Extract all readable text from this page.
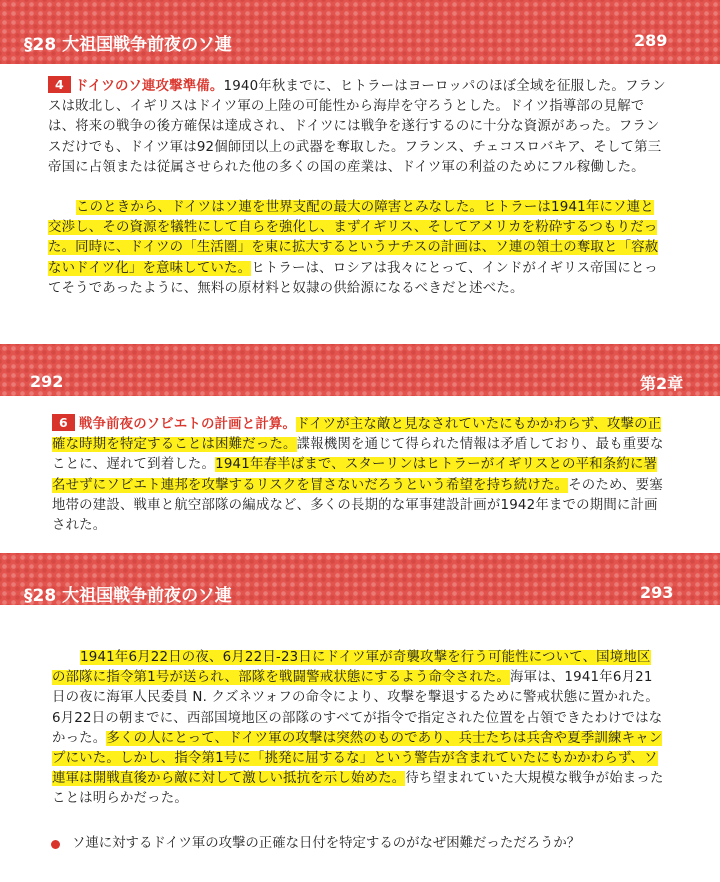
§28 大祖国戦争前夜のソ連	289

4 ドイツのソ連攻撃準備。1940年秋までに、ヒトラーはヨーロッパのほぼ全域を征服した。フランスは敗北し、イギリスはドイツ軍の上陸の可能性から海岸を守ろうとした。ドイツ指導部の見解では、将来の戦争の後方確保は達成され、ドイツには戦争を遂行するのに十分な資源があった。フランスだけでも、ドイツ軍は92個師団以上の武器を奪取した。フランス、チェコスロバキア、そして第三帝国に占領または従属させられた他の多くの国の産業は、ドイツ軍の利益のためにフル稼働した。

このときから、ドイツはソ連を世界支配の最大の障害とみなした。ヒトラーは1941年にソ連と交渉し、その資源を犠牲にして自らを強化し、まずイギリス、そしてアメリカを粉砕するつもりだった。同時に、ドイツの「生活圏」を東に拡大するというナチスの計画は、ソ連の領土の奪取と「容赦ないドイツ化」を意味していた。ヒトラーは、ロシアは我々にとって、インドがイギリス帝国にとってそうであったように、無料の原材料と奴隷の供給源になるべきだと述べた。

292	第2章

6 戦争前夜のソビエトの計画と計算。ドイツが主な敵と見なされていたにもかかわらず、攻撃の正確な時期を特定することは困難だった。諜報機関を通じて得られた情報は矛盾しており、最も重要なことに、遅れて到着した。1941年春半ばまで、スターリンはヒトラーがイギリスとの平和条約に署名せずにソビエト連邦を攻撃するリスクを冒さないだろうという希望を持ち続けた。そのため、要塞地帯の建設、戦車と航空部隊の編成など、多くの長期的な軍事建設計画が1942年までの期間に計画された。

§28 大祖国戦争前夜のソ連	293

1941年6月22日の夜、6月22日-23日にドイツ軍が奇襲攻撃を行う可能性について、国境地区の部隊に指令第1号が送られ、部隊を戦闘警戒状態にするよう命令された。海軍は、1941年6月21日の夜に海軍人民委員 N. クズネツォフの命令により、攻撃を撃退するために警戒状態に置かれた。6月22日の朝までに、西部国境地区の部隊のすべてが指令で指定された位置を占領できたわけではなかった。多くの人にとって、ドイツ軍の攻撃は突然のものであり、兵士たちは兵舎や夏季訓練キャンプにいた。しかし、指令第1号に「挑発に屈するな」という警告が含まれていたにもかかわらず、ソ連軍は開戦直後から敵に対して激しい抵抗を示し始めた。待ち望まれていた大規模な戦争が始まったことは明らかだった。

ソ連に対するドイツ軍の攻撃の正確な日付を特定するのがなぜ困難だっただろうか？
